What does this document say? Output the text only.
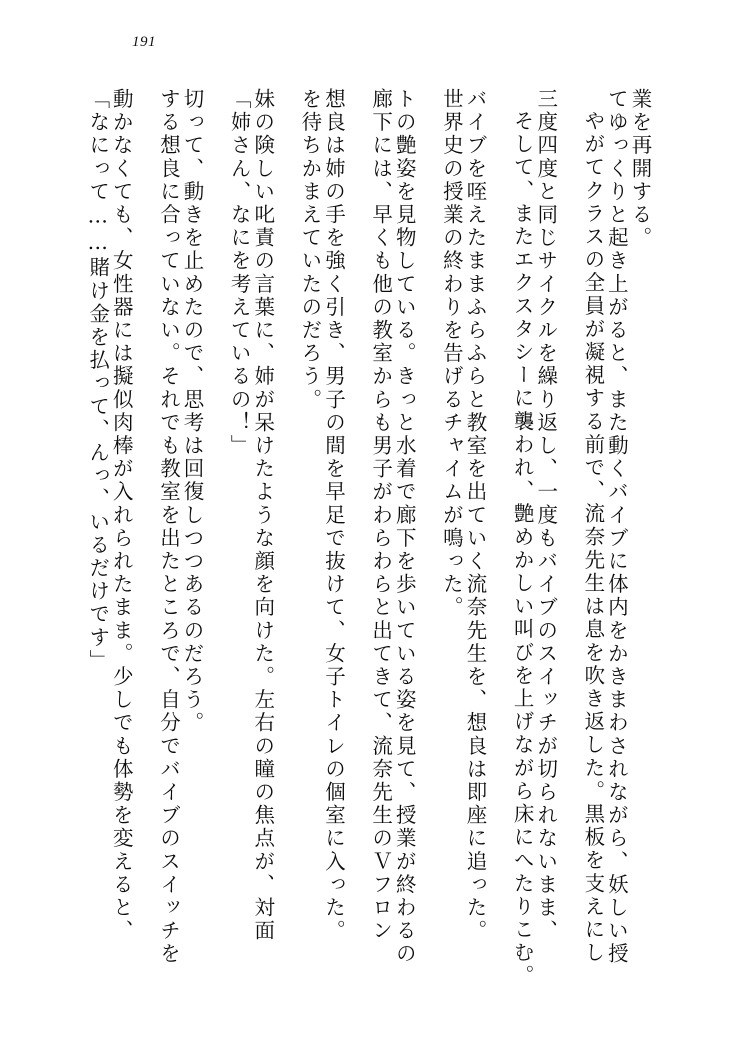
191
業を再開する。
てゆっくりと起き上がると、また動くバイブに体内をかきまわされながら、妖しい授
やがてクラスの全員が凝視する前で、流奈先生は息を吹き返した。黒板を支えにし
三度四度と同じサイクルを繰り返し、一度もバイブのスイッチが切られないまま、
そして、またエクスタシーに襲われ、艶めかしい叫びを上げながら床にへたりこむ。
バイブを咥えたままふらふらと教室を出ていく流奈先生を、想良は即座に追った。
世界史の授業の終わりを告げるチャイムが鳴った。
トの艶姿を見物している。きっと水着で廊下を歩いている姿を見て、授業が終わるの
廊下には、早くも他の教室からも男子がわらわらと出てきて、流奈先生のＶフロン
想良は姉の手を強く引き、男子の間を早足で抜けて、女子トイレの個室に入った。
を待ちかまえていたのだろう。
妹の険しい叱責の言葉に、姉が呆けたような顔を向けた。左右の瞳の焦点が、対面
「姉さん、なにを考えているの！」
切って、動きを止めたので、思考は回復しつつあるのだろう。
する想良に合っていない。それでも教室を出たところで、自分でバイブのスイッチを
動かなくても、女性器には擬似肉棒が入れられたまま。少しでも体勢を変えると、
「なにって……賭け金を払って、んっ、いるだけです」
